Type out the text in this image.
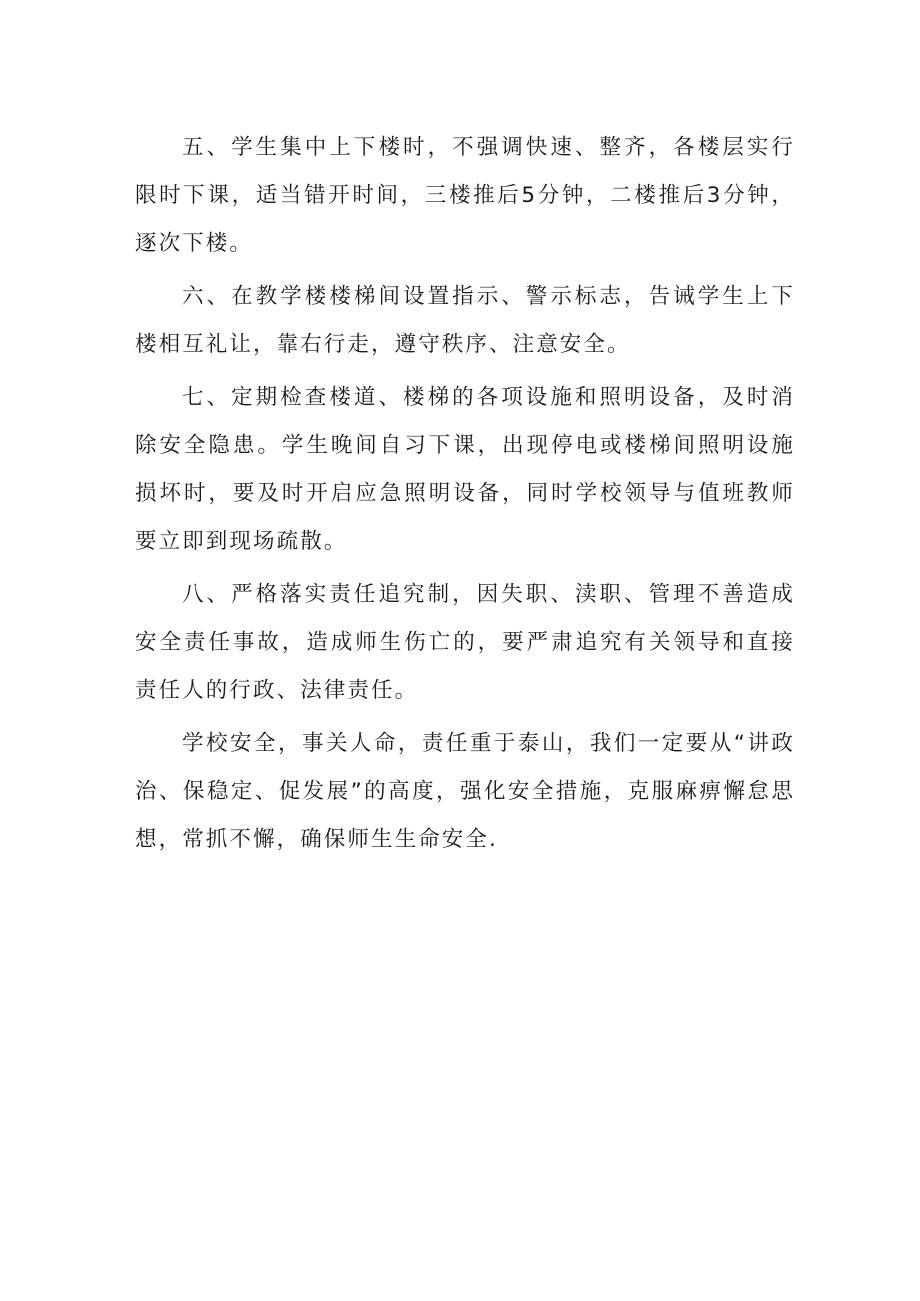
五、学生集中上下楼时，不强调快速、整齐，各楼层实行限时下课，适当错开时间，三楼推后5分钟，二楼推后3分钟，逐次下楼。

六、在教学楼楼梯间设置指示、警示标志，告诫学生上下楼相互礼让，靠右行走，遵守秩序、注意安全。

七、定期检查楼道、楼梯的各项设施和照明设备，及时消除安全隐患。学生晚间自习下课，出现停电或楼梯间照明设施损坏时，要及时开启应急照明设备，同时学校领导与值班教师要立即到现场疏散。

八、严格落实责任追究制，因失职、渎职、管理不善造成安全责任事故，造成师生伤亡的，要严肃追究有关领导和直接责任人的行政、法律责任。

学校安全，事关人命，责任重于泰山，我们一定要从“讲政治、保稳定、促发展”的高度，强化安全措施，克服麻痹懈怠思想，常抓不懈，确保师生生命安全.
